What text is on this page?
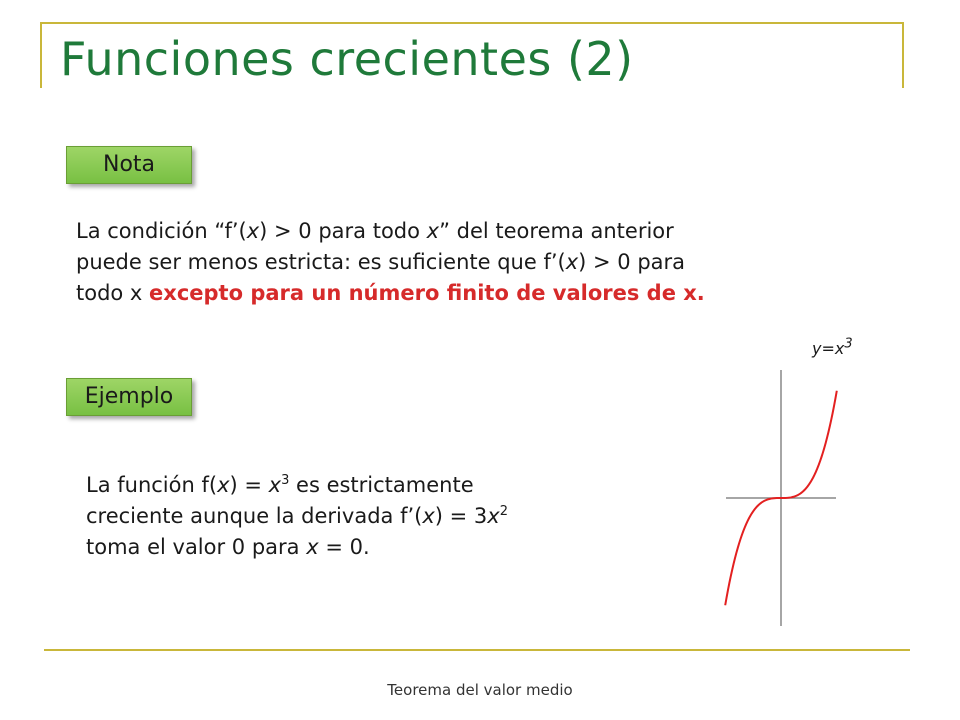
Funciones crecientes (2)
Nota
La condición “f’(x) > 0 para todo x” del teorema anterior
puede ser menos estricta: es suficiente que f’(x) > 0 para
todo x excepto para un número finito de valores de x.
$y=x^3$
Ejemplo
La función $f(x) = x^3$ es estrictamente
creciente aunque la derivada f’(x) = $3x^2$
toma el valor 0 para x = 0.
Teorema del valor medio
